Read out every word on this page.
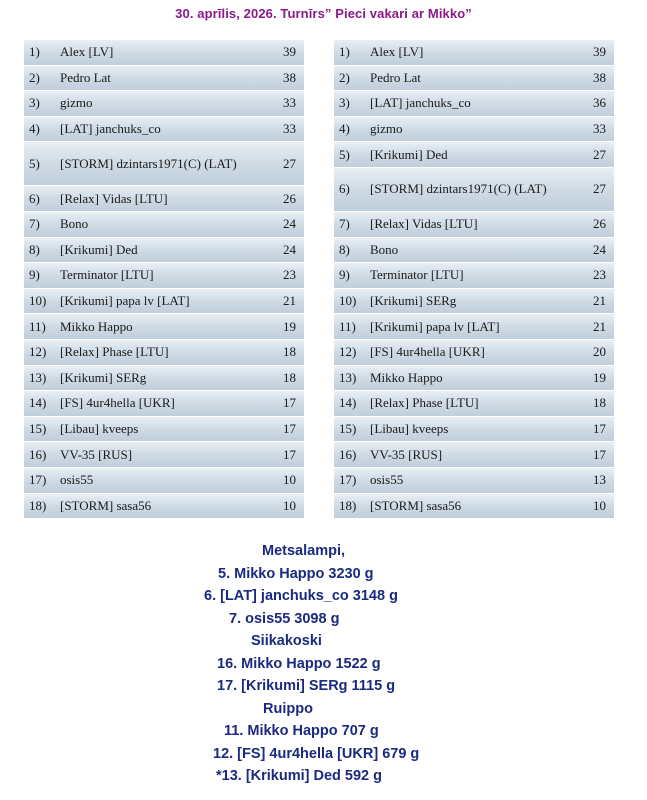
30. aprīlis, 2026. Turnīrs” Pieci vakari ar Mikko”
1)	Alex [LV]	39
2)	Pedro Lat	38
3)	gizmo	33
4)	[LAT] janchuks_co	33
5)	[STORM] dzintars1971(C) (LAT)	27
6)	[Relax] Vidas [LTU]	26
7)	Bono	24
8)	[Krikumi] Ded	24
9)	Terminator [LTU]	23
10)	[Krikumi] papa lv [LAT]	21
11)	Mikko Happo	19
12)	[Relax] Phase [LTU]	18
13)	[Krikumi] SERg	18
14)	[FS] 4ur4hella [UKR]	17
15)	[Libau] kveeps	17
16)	VV-35 [RUS]	17
17)	osis55	10
18)	[STORM] sasa56	10
1)	Alex [LV]	39
2)	Pedro Lat	38
3)	[LAT] janchuks_co	36
4)	gizmo	33
5)	[Krikumi] Ded	27
6)	[STORM] dzintars1971(C) (LAT)	27
7)	[Relax] Vidas [LTU]	26
8)	Bono	24
9)	Terminator [LTU]	23
10)	[Krikumi] SERg	21
11)	[Krikumi] papa lv [LAT]	21
12)	[FS] 4ur4hella [UKR]	20
13)	Mikko Happo	19
14)	[Relax] Phase [LTU]	18
15)	[Libau] kveeps	17
16)	VV-35 [RUS]	17
17)	osis55	13
18)	[STORM] sasa56	10
Metsalampi,
5. Mikko Happo 3230 g
6. [LAT] janchuks_co 3148 g
7. osis55 3098 g
Siikakoski
16. Mikko Happo 1522 g
17. [Krikumi] SERg 1115 g
Ruippo
11. Mikko Happo 707 g
12. [FS] 4ur4hella [UKR] 679 g
*13. [Krikumi] Ded 592 g
